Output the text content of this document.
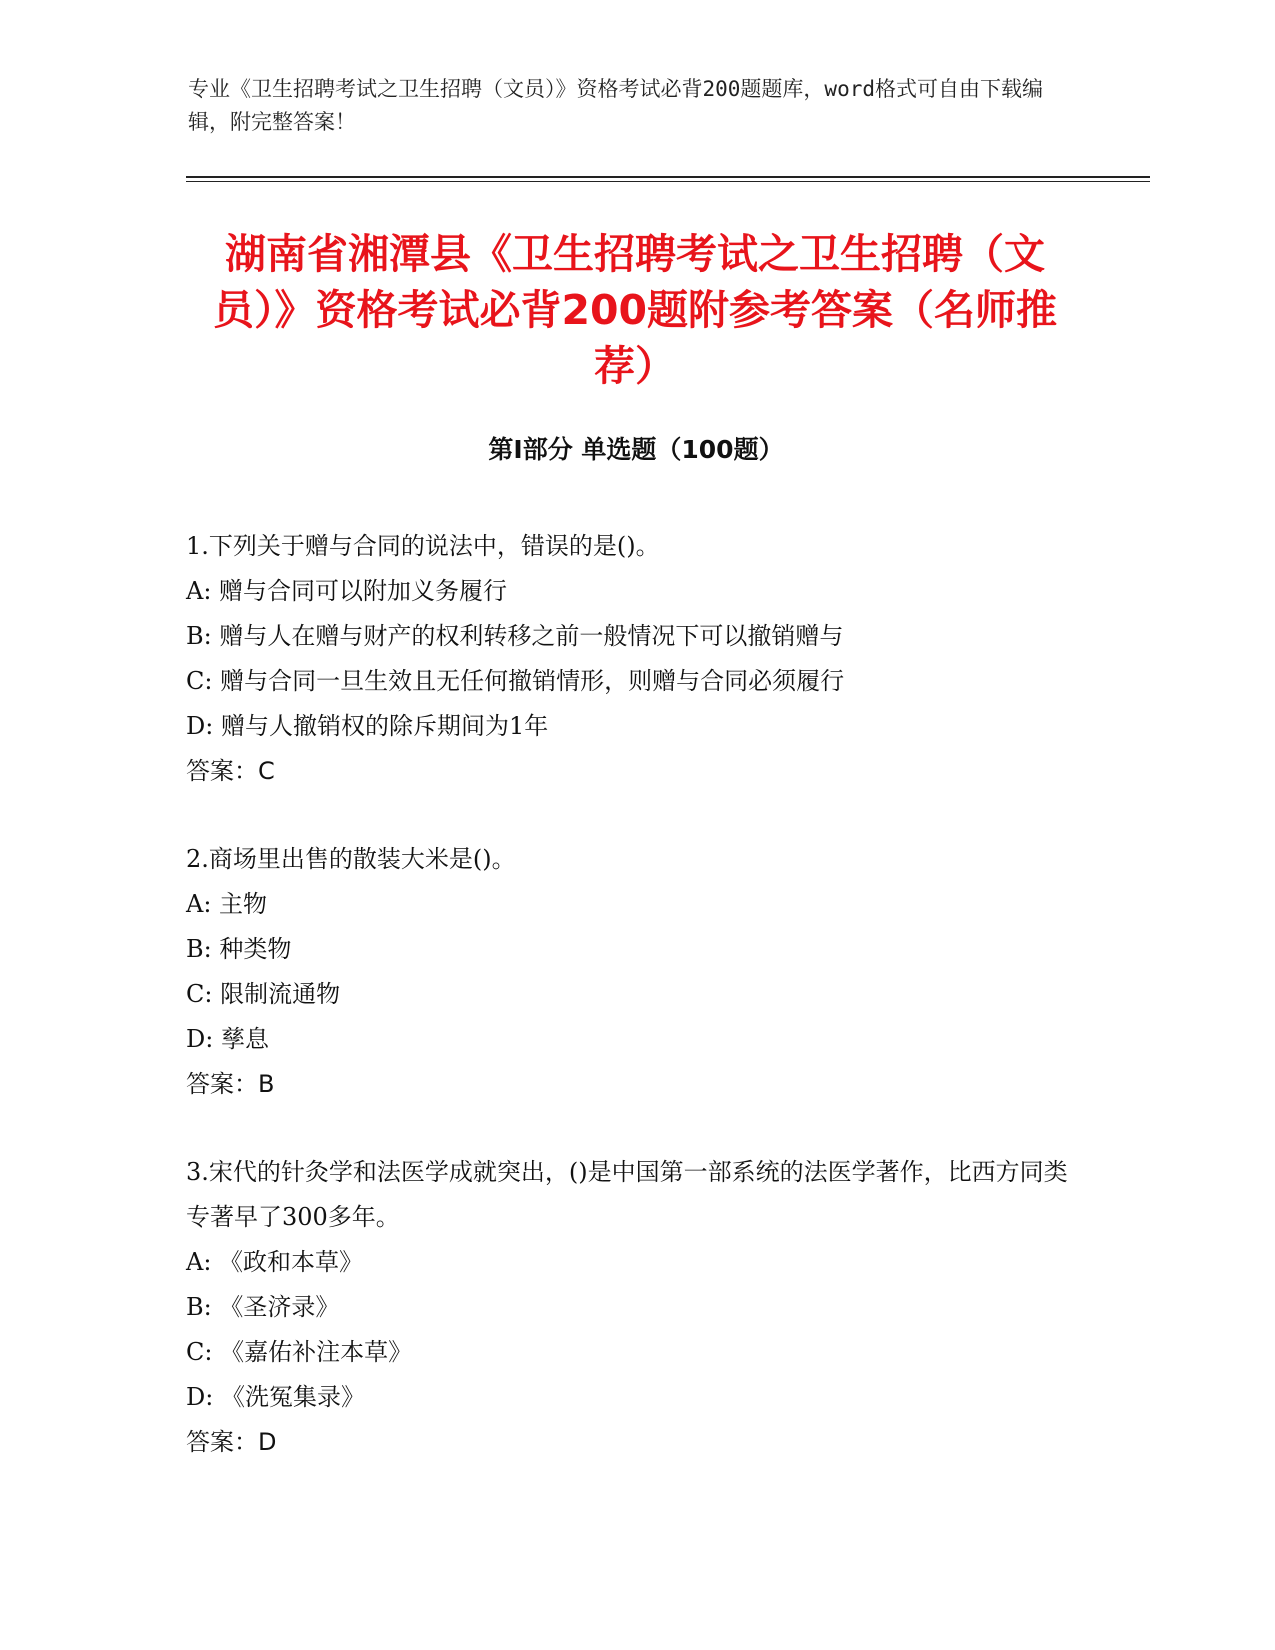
专业《卫生招聘考试之卫生招聘（文员）》资格考试必背200题题库，word格式可自由下载编辑，附完整答案！
湖南省湘潭县《卫生招聘考试之卫生招聘（文员）》资格考试必背200题附参考答案（名师推荐）
第Ⅰ部分 单选题（100题）

1.下列关于赠与合同的说法中，错误的是()。

A: 赠与合同可以附加义务履行

B: 赠与人在赠与财产的权利转移之前一般情况下可以撤销赠与

C: 赠与合同一旦生效且无任何撤销情形，则赠与合同必须履行

D: 赠与人撤销权的除斥期间为1年

答案：C

2.商场里出售的散装大米是()。

A: 主物

B: 种类物

C: 限制流通物

D: 孳息

答案：B

3.宋代的针灸学和法医学成就突出，()是中国第一部系统的法医学著作，比西方同类专著早了300多年。

A: 《政和本草》

B: 《圣济录》

C: 《嘉佑补注本草》

D: 《洗冤集录》

答案：D
